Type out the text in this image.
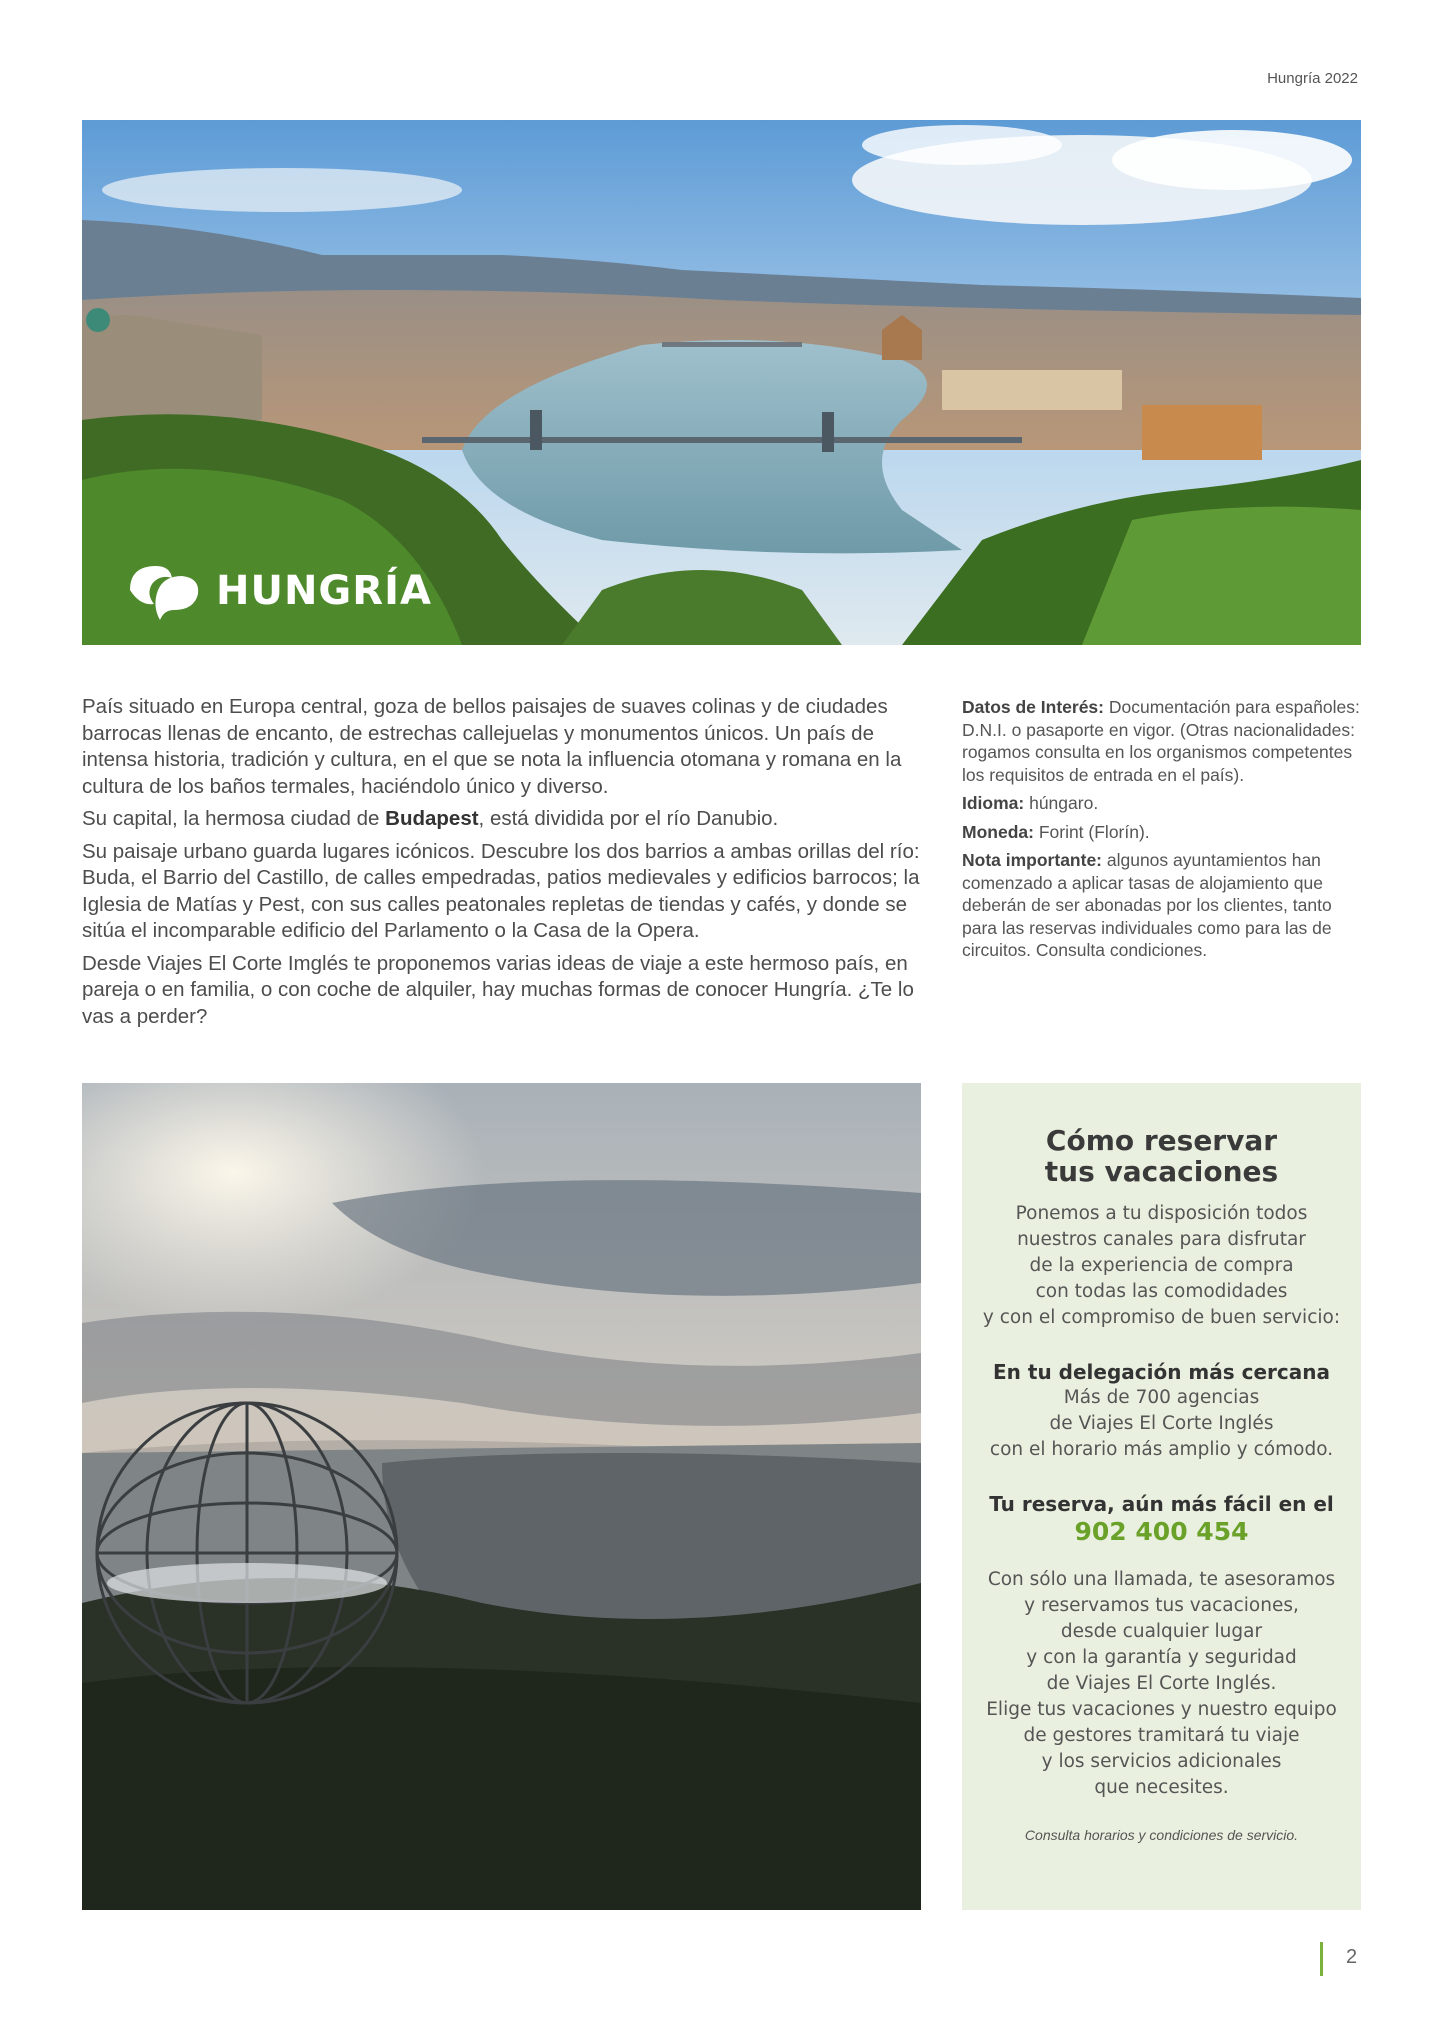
Hungría 2022
HUNGRÍA

País situado en Europa central, goza de bellos paisajes de suaves colinas y de ciudades barrocas llenas de encanto, de estrechas callejuelas y monumentos únicos. Un país de intensa historia, tradición y cultura, en el que se nota la influencia otomana y romana en la cultura de los baños termales, haciéndolo único y diverso.

Su capital, la hermosa ciudad de Budapest, está dividida por el río Danubio.

Su paisaje urbano guarda lugares icónicos. Descubre los dos barrios a ambas orillas del río: Buda, el Barrio del Castillo, de calles empedradas, patios medievales y edificios barrocos; la Iglesia de Matías y Pest, con sus calles peatonales repletas de tiendas y cafés, y donde se sitúa el incomparable edificio del Parlamento o la Casa de la Opera.

Desde Viajes El Corte Imglés te proponemos varias ideas de viaje a este hermoso país, en pareja o en familia, o con coche de alquiler, hay muchas formas de conocer Hungría. ¿Te lo vas a perder?

Datos de Interés: Documentación para españoles: D.N.I. o pasaporte en vigor. (Otras nacionalidades: rogamos consulta en los organismos competentes los requisitos de entrada en el país).

Idioma: húngaro.

Moneda: Forint (Florín).

Nota importante: algunos ayuntamientos han comenzado a aplicar tasas de alojamiento que deberán de ser abonadas por los clientes, tanto para las reservas individuales como para las de circuitos. Consulta condiciones.

Cómo reservar
tus vacaciones
Ponemos a tu disposición todos
nuestros canales para disfrutar
de la experiencia de compra
con todas las comodidades
y con el compromiso de buen servicio:
En tu delegación más cercana
Más de 700 agencias
de Viajes El Corte Inglés
con el horario más amplio y cómodo.
Tu reserva, aún más fácil en el
902 400 454
Con sólo una llamada, te asesoramos
y reservamos tus vacaciones,
desde cualquier lugar
y con la garantía y seguridad
de Viajes El Corte Inglés.
Elige tus vacaciones y nuestro equipo
de gestores tramitará tu viaje
y los servicios adicionales
que necesites.
Consulta horarios y condiciones de servicio.
2
